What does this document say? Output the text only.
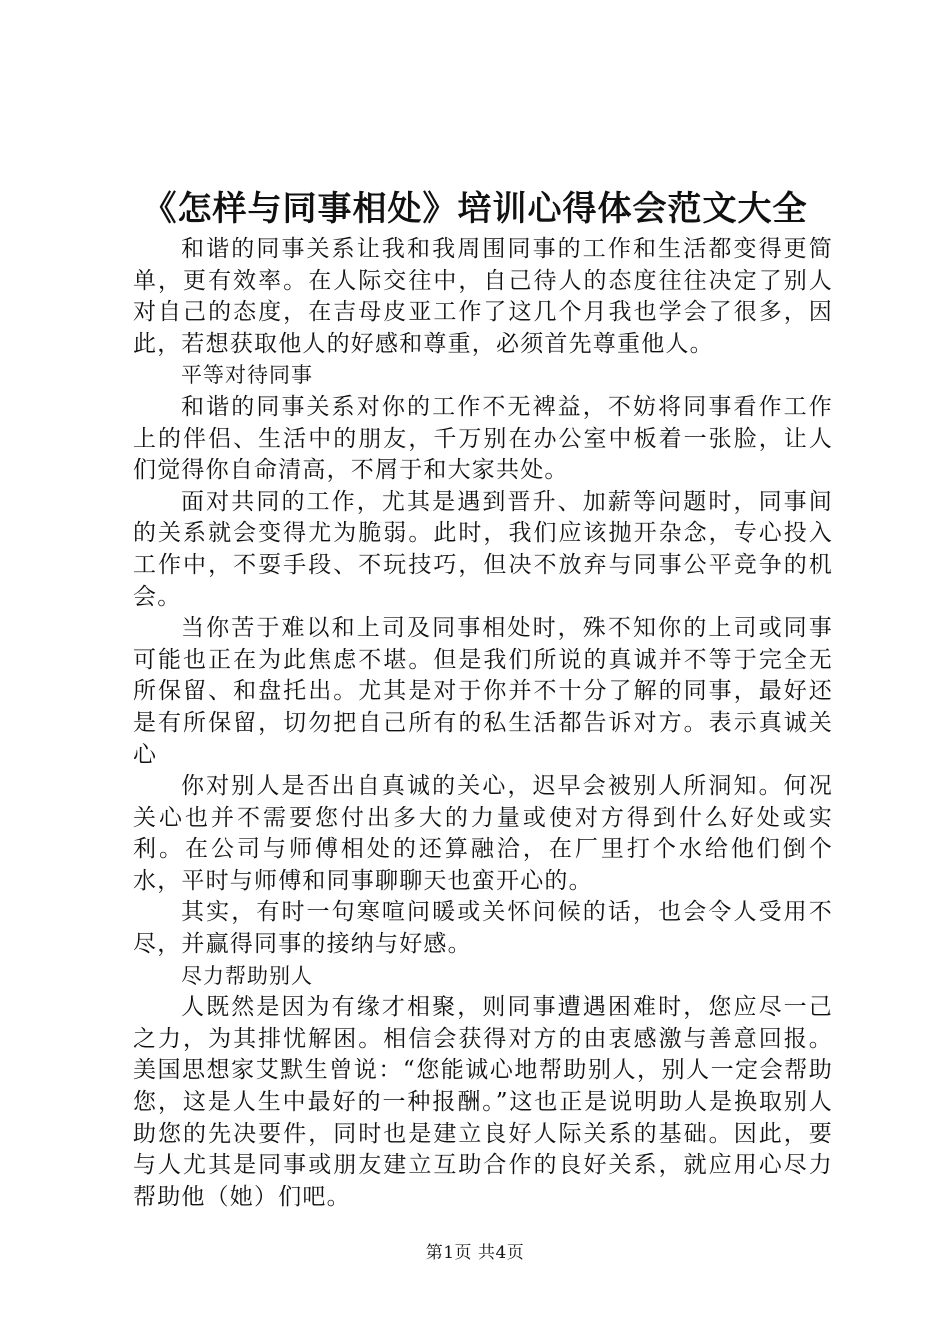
《怎样与同事相处》培训心得体会范文大全

和谐的同事关系让我和我周围同事的工作和生活都变得更简单，更有效率。在人际交往中，自己待人的态度往往决定了别人对自己的态度，在吉母皮亚工作了这几个月我也学会了很多，因此，若想获取他人的好感和尊重，必须首先尊重他人。

平等对待同事

和谐的同事关系对你的工作不无裨益，不妨将同事看作工作上的伴侣、生活中的朋友，千万别在办公室中板着一张脸，让人们觉得你自命清高，不屑于和大家共处。

面对共同的工作，尤其是遇到晋升、加薪等问题时，同事间的关系就会变得尤为脆弱。此时，我们应该抛开杂念，专心投入工作中，不耍手段、不玩技巧，但决不放弃与同事公平竞争的机会。

当你苦于难以和上司及同事相处时，殊不知你的上司或同事可能也正在为此焦虑不堪。但是我们所说的真诚并不等于完全无所保留、和盘托出。尤其是对于你并不十分了解的同事，最好还是有所保留，切勿把自己所有的私生活都告诉对方。表示真诚关心

你对别人是否出自真诚的关心，迟早会被别人所洞知。何况关心也并不需要您付出多大的力量或使对方得到什么好处或实利。在公司与师傅相处的还算融洽，在厂里打个水给他们倒个水，平时与师傅和同事聊聊天也蛮开心的。

其实，有时一句寒喧问暖或关怀问候的话，也会令人受用不尽，并赢得同事的接纳与好感。

尽力帮助别人

人既然是因为有缘才相聚，则同事遭遇困难时，您应尽一己之力，为其排忧解困。相信会获得对方的由衷感激与善意回报。美国思想家艾默生曾说：“您能诚心地帮助别人，别人一定会帮助您，这是人生中最好的一种报酬。”这也正是说明助人是换取别人助您的先决要件，同时也是建立良好人际关系的基础。因此，要与人尤其是同事或朋友建立互助合作的良好关系，就应用心尽力帮助他（她）们吧。

第1页 共4页
